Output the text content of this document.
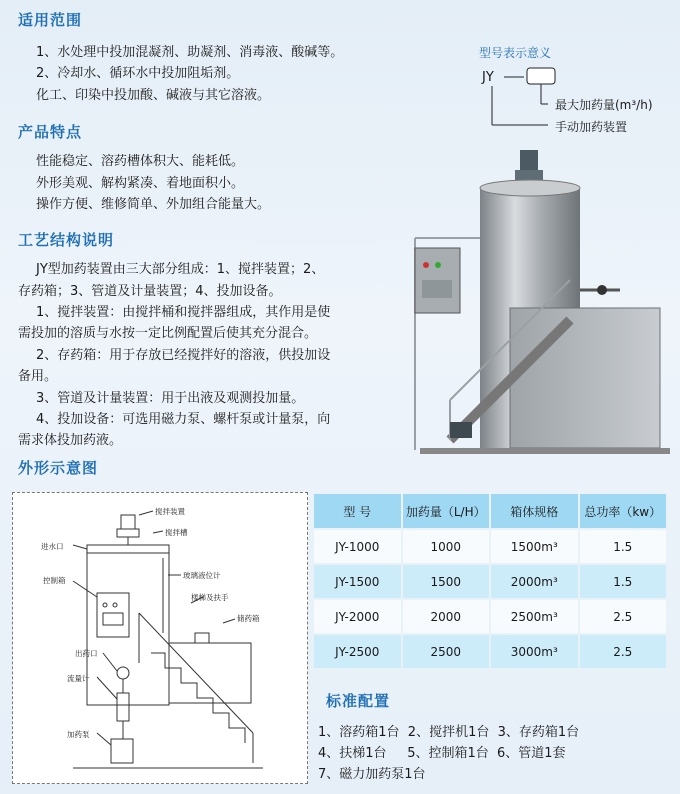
适用范围
1、水处理中投加混凝剂、助凝剂、消毒液、酸碱等。
2、冷却水、循环水中投加阻垢剂。
化工、印染中投加酸、碱液与其它溶液。
产品特点
性能稳定、溶药槽体积大、能耗低。
外形美观、解构紧凑、着地面积小。
操作方便、维修简单、外加组合能量大。
工艺结构说明
JY型加药装置由三大部分组成：1、搅拌装置；2、
存药箱；3、管道及计量装置；4、投加设备。
1、搅拌装置：由搅拌桶和搅拌器组成，其作用是使
需投加的溶质与水按一定比例配置后使其充分混合。
2、存药箱：用于存放已经搅拌好的溶液，供投加设
备用。
3、管道及计量装置：用于出液及观测投加量。
4、投加设备：可选用磁力泵、螺杆泵或计量泵，向
需求体投加药液。
外形示意图
型号表示意义
JY
最大加药量(m³/h)
手动加药装置
搅拌装置
搅拌槽
进水口
玻璃液位计
控制箱
楼梯及扶手
储药箱
出药口
流量计
加药泵
型 号	加药量（L/H）	箱体规格	总功率（kw）
JY-1000	1000	1500m³	1.5
JY-1500	1500	2000m³	1.5
JY-2000	2000	2500m³	2.5
JY-2500	2500	3000m³	2.5
标准配置
1、溶药箱1台  2、搅拌机1台  3、存药箱1台
4、扶梯1台     5、控制箱1台  6、管道1套
7、磁力加药泵1台
